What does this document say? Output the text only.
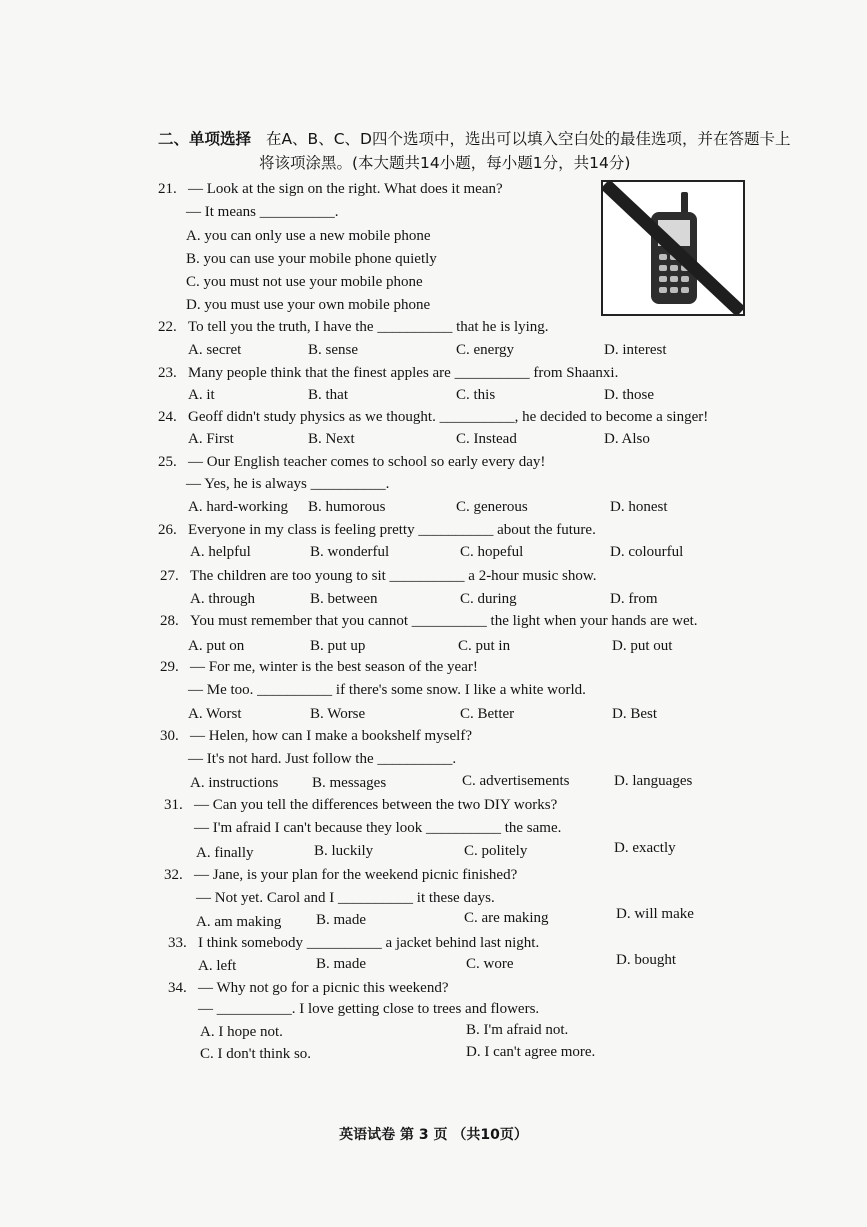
二、单项选择 在A、B、C、D四个选项中，选出可以填入空白处的最佳选项，并在答题卡上
将该项涂黑。(本大题共14小题，每小题1分，共14分)
21. — Look at the sign on the right. What does it mean?
— It means __________.
A. you can only use a new mobile phone
B. you can use your mobile phone quietly
C. you must not use your mobile phone
D. you must use your own mobile phone
22. To tell you the truth, I have the __________ that he is lying.
A. secret	B. sense	C. energy	D. interest
23. Many people think that the finest apples are __________ from Shaanxi.
A. it	B. that	C. this	D. those
24. Geoff didn't study physics as we thought. __________, he decided to become a singer!
A. First	B. Next	C. Instead	D. Also
25. — Our English teacher comes to school so early every day!
— Yes, he is always __________.
A. hard-working B. humorous	C. generous	D. honest
26. Everyone in my class is feeling pretty __________ about the future.
A. helpful	B. wonderful	C. hopeful	D. colourful
27. The children are too young to sit __________ a 2-hour music show.
A. through	B. between	C. during	D. from
28. You must remember that you cannot __________ the light when your hands are wet.
A. put on	B. put up	C. put in	D. put out
29. — For me, winter is the best season of the year!
— Me too. __________ if there's some snow. I like a white world.
A. Worst	B. Worse	C. Better	D. Best
30. — Helen, how can I make a bookshelf myself?
— It's not hard. Just follow the __________.
A. instructions B. messages	C. advertisements	D. languages
31. — Can you tell the differences between the two DIY works?
— I'm afraid I can't because they look __________ the same.
A. finally	B. luckily	C. politely	D. exactly
32. — Jane, is your plan for the weekend picnic finished?
— Not yet. Carol and I __________ it these days.
A. am making B. made	C. are making	D. will make
33. I think somebody __________ a jacket behind last night.
A. left	B. made	C. wore	D. bought
34. — Why not go for a picnic this weekend?
— __________. I love getting close to trees and flowers.
A. I hope not.	B. I'm afraid not.
C. I don't think so.	D. I can't agree more.
英语试卷 第 3 页 （共10页）
